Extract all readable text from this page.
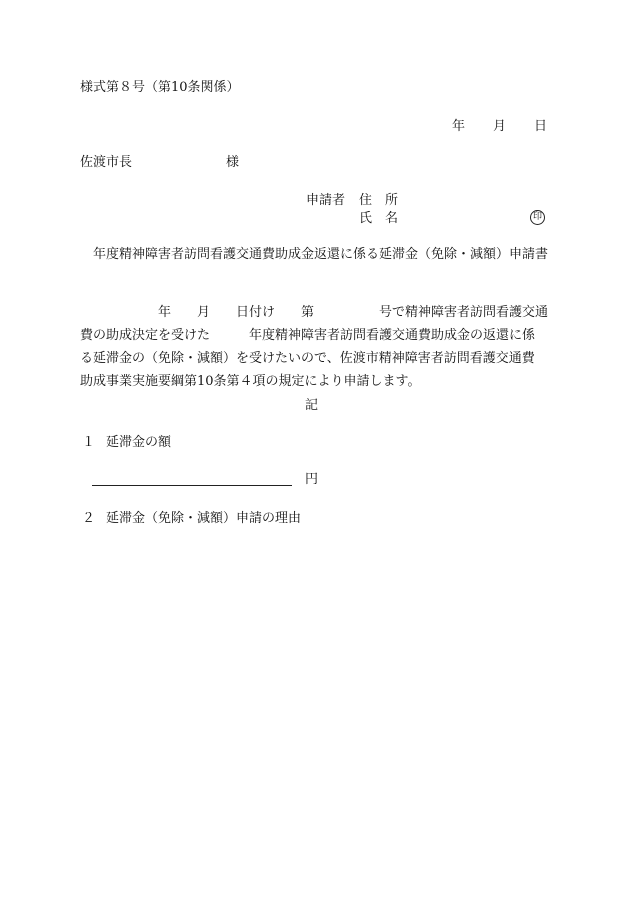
様式第８号（第10条関係）
年 月 日
佐渡市長	様
申請者 住　所
氏　名	印
年度精神障害者訪問看護交通費助成金返還に係る延滞金（免除・減額）申請書
　　　　　　年　　月　　日付け　　第　　　　　号で精神障害者訪問看護交通
費の助成決定を受けた　　　年度精神障害者訪問看護交通費助成金の返還に係
る延滞金の（免除・減額）を受けたいので、佐渡市精神障害者訪問看護交通費
助成事業実施要綱第10条第４項の規定により申請します。
記
１ 延滞金の額
円
２ 延滞金（免除・減額）申請の理由
